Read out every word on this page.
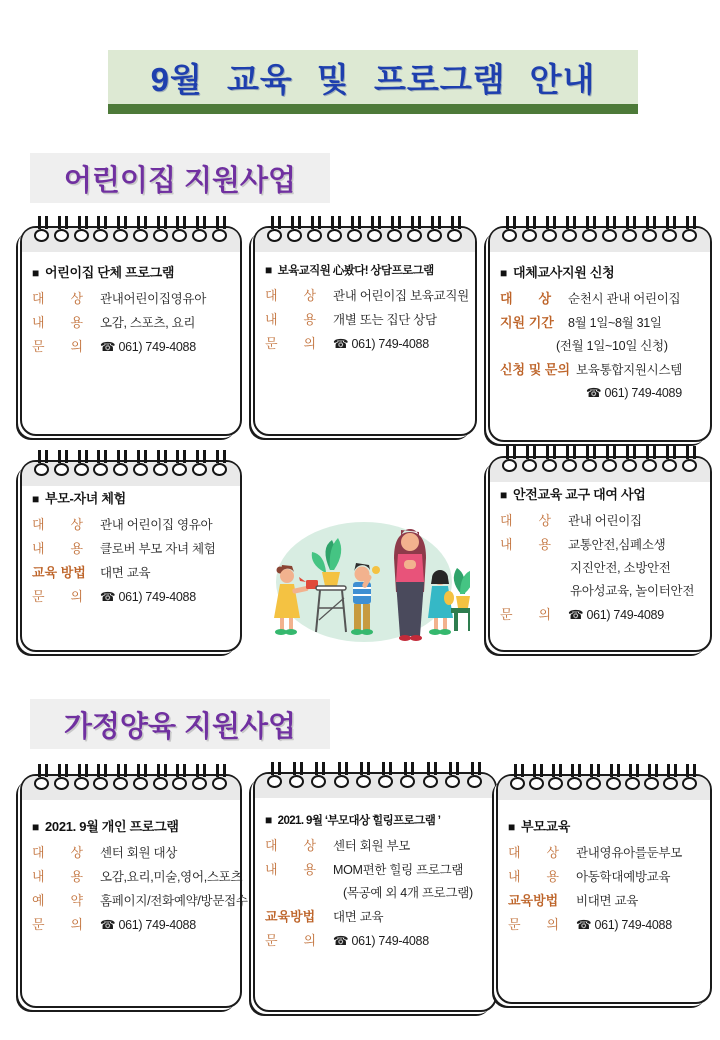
9월 교육 및 프로그램 안내
어린이집 지원사업
■ 어린이집 단체 프로그램
대  상	관내어린이집영유아
내  용	오감, 스포츠, 요리
문  의	☎ 061) 749-4088
■ 보육교직원 心봤다! 상담프로그램
대  상	관내 어린이집 보육교직원
내  용	개별 또는 집단 상담
문  의	☎ 061) 749-4088
■ 대체교사지원 신청
대  상	순천시 관내 어린이집
지원 기간	8월 1일~8월 31일
(전월 1일~10일 신청)
신청 및 문의 보육통합지원시스템
☎ 061) 749-4089
■ 부모-자녀 체험
대  상	관내 어린이집 영유아
내  용	클로버 부모 자녀 체험
교육 방법	대면 교육
문  의	☎ 061) 749-4088
■ 안전교육 교구 대여 사업
대  상	관내 어린이집
내  용	교통안전,심폐소생
지진안전, 소방안전
유아성교육, 놀이터안전
문  의	☎ 061) 749-4089
가정양육 지원사업
■ 2021. 9월 개인 프로그램
대  상	센터 회원 대상
내  용	오감,요리,미술,영어,스포츠
예  약	홈페이지/전화예약/방문접수
문  의	☎ 061) 749-4088
■ 2021. 9월 ‘부모대상 힐링프로그램 ’
대  상	센터 회원 부모
내  용	MOM편한 힐링 프로그램
(목공예 외 4개 프로그램)
교육방법	대면 교육
문  의	☎ 061) 749-4088
■ 부모교육
대  상	관내영유아를둔부모
내  용	아동학대예방교육
교육방법	비대면 교육
문  의	☎ 061) 749-4088
